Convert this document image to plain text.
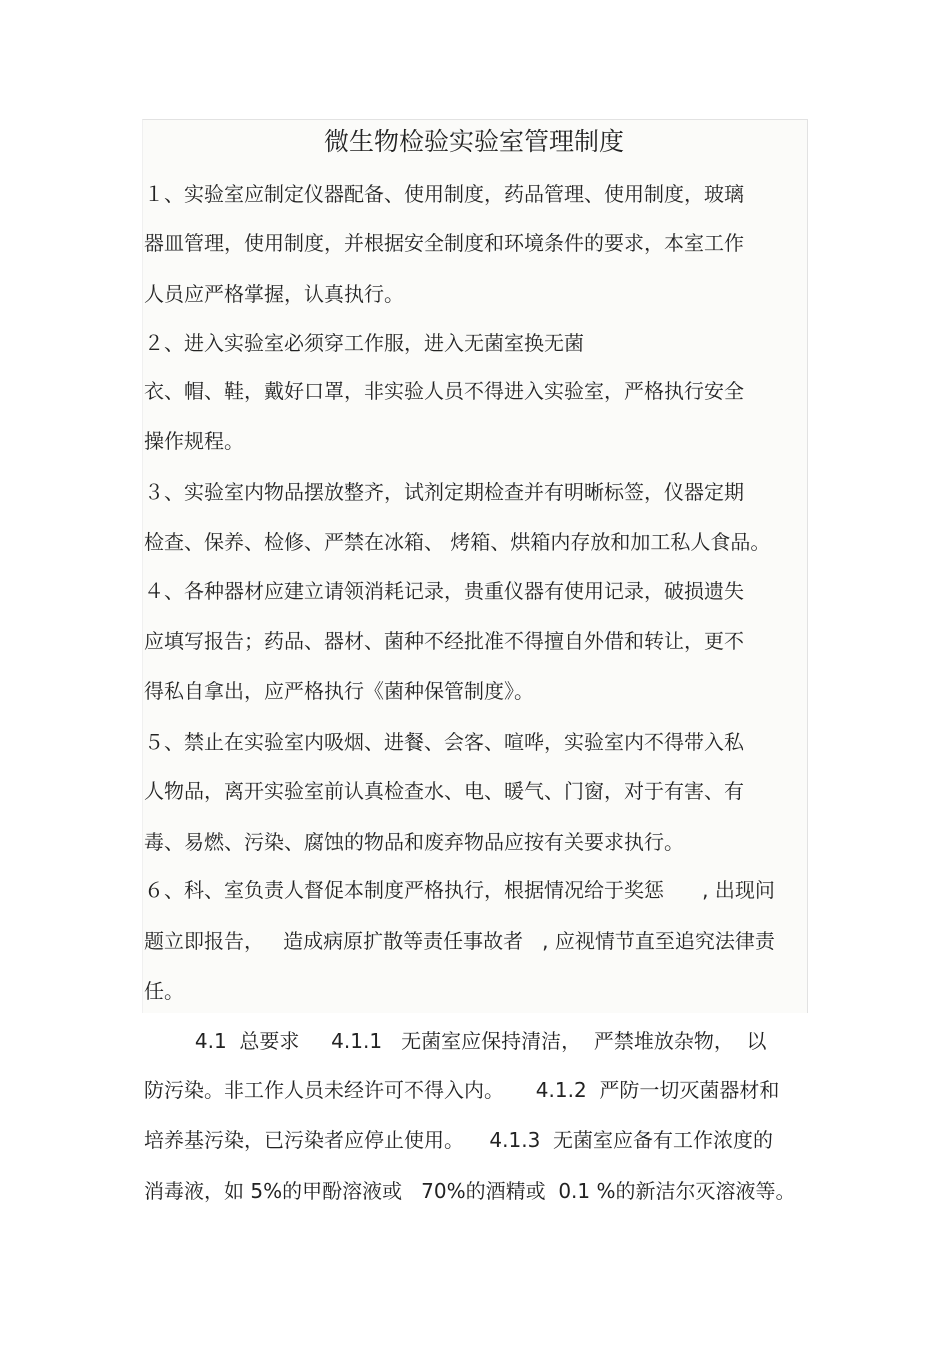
微生物检验实验室管理制度
１、实验室应制定仪器配备、使用制度，药品管理、使用制度，玻璃
器皿管理，使用制度，并根据安全制度和环境条件的要求，本室工作
人员应严格掌握，认真执行。
２、进入实验室必须穿工作服，进入无菌室换无菌
衣、帽、鞋，戴好口罩，非实验人员不得进入实验室，严格执行安全
操作规程。
３、实验室内物品摆放整齐，试剂定期检查并有明晰标签，仪器定期
检查、保养、检修、严禁在冰箱、 烤箱、烘箱内存放和加工私人食品。
４、各种器材应建立请领消耗记录，贵重仪器有使用记录，破损遗失
应填写报告；药品、器材、菌种不经批准不得擅自外借和转让，更不
得私自拿出，应严格执行《菌种保管制度》。
５、禁止在实验室内吸烟、进餐、会客、喧哗，实验室内不得带入私
人物品，离开实验室前认真检查水、电、暖气、门窗，对于有害、有
毒、易燃、污染、腐蚀的物品和废弃物品应按有关要求执行。
６、科、室负责人督促本制度严格执行，根据情况给于奖惩      , 出现问
题立即报告，   造成病原扩散等责任事故者   , 应视情节直至追究法律责
任。
4.1  总要求     4.1.1   无菌室应保持清洁，  严禁堆放杂物，  以
防污染。非工作人员未经许可不得入内。     4.1.2  严防一切灭菌器材和
培养基污染，已污染者应停止使用。    4.1.3  无菌室应备有工作浓度的
消毒液，如 5%的甲酚溶液或   70%的酒精或  0.1 %的新洁尔灭溶液等。
